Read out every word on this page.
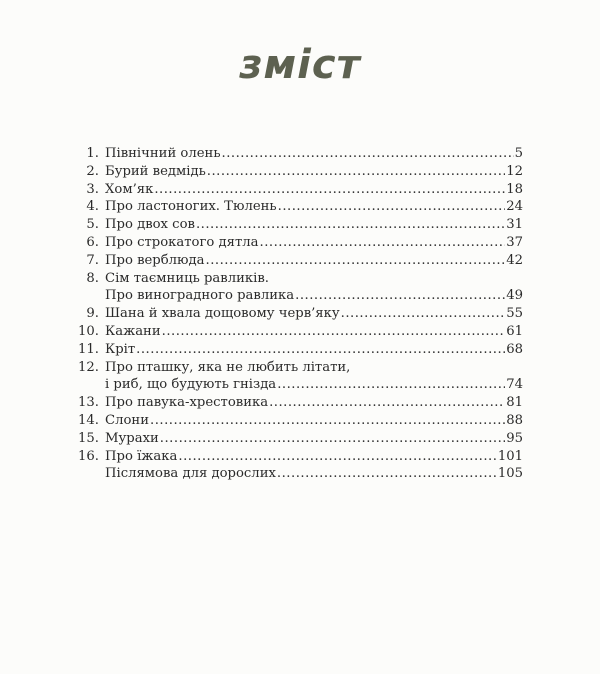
зміст
1. Північний олень .....	5
2. Бурий ведмідь .....	12
3. Хом’як .....	18
4. Про ластоногих. Тюлень .....	24
5. Про двох сов .....	31
6. Про строкатого дятла .....	37
7. Про верблюда .....	42
8. Сім таємниць равликів.
Про виноградного равлика .....	49
9. Шана й хвала дощовому черв’яку .....	55
10. Кажани .....	61
11. Кріт .....	68
12. Про пташку, яка не любить літати,
і риб, що будують гнізда .....	74
13. Про павука-хрестовика .....	81
14. Слони .....	88
15. Мурахи .....	95
16. Про їжака .....	101
Післямова для дорослих .....	105
